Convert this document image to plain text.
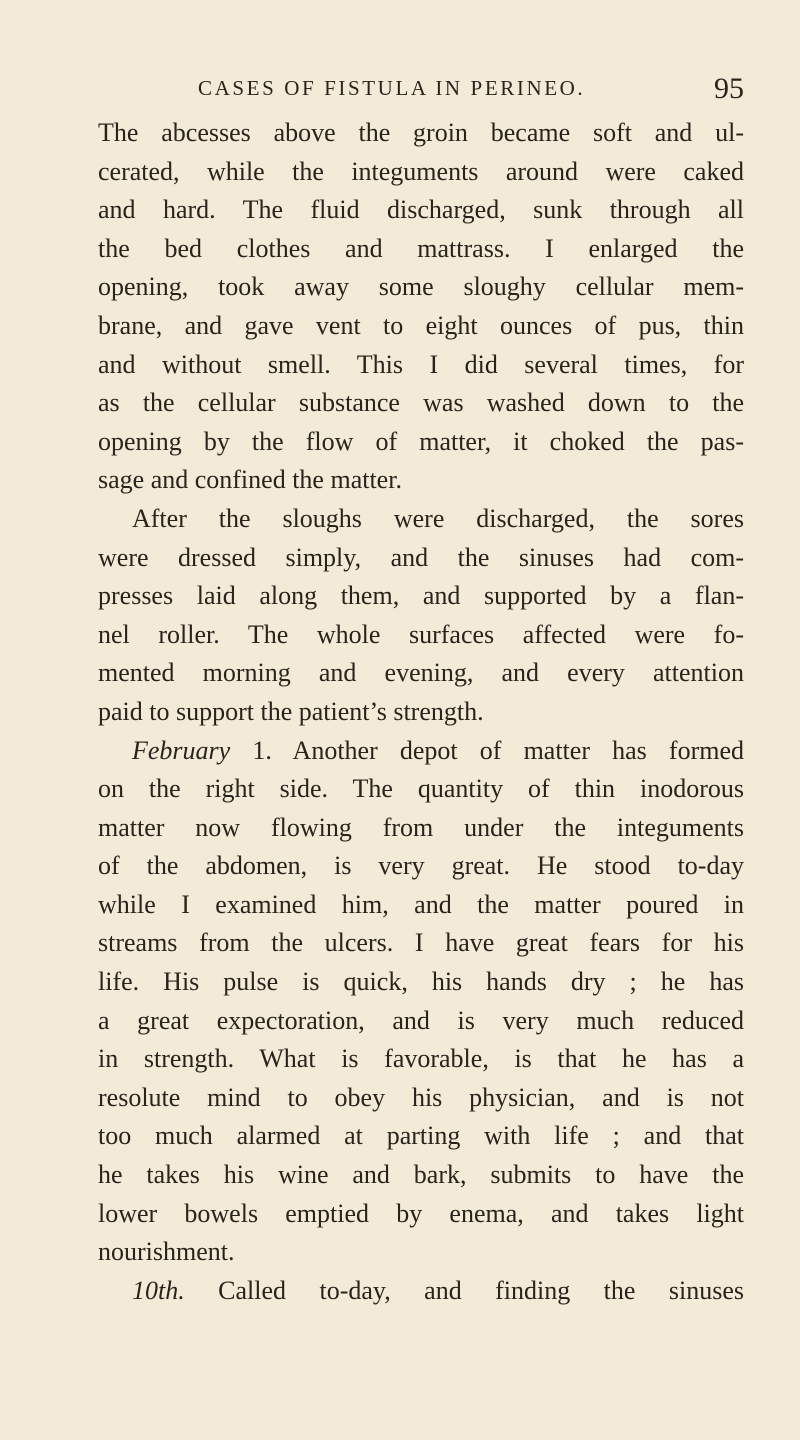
CASES OF FISTULA IN PERINEO.	95
The abcesses above the groin became soft and ul-
cerated, while the integuments around were caked
and hard. The fluid discharged, sunk through all
the bed clothes and mattrass. I enlarged the
opening, took away some sloughy cellular mem-
brane, and gave vent to eight ounces of pus, thin
and without smell. This I did several times, for
as the cellular substance was washed down to the
opening by the flow of matter, it choked the pas-
sage and confined the matter.
After the sloughs were discharged, the sores
were dressed simply, and the sinuses had com-
presses laid along them, and supported by a flan-
nel roller. The whole surfaces affected were fo-
mented morning and evening, and every attention
paid to support the patient’s strength.
February 1. Another depot of matter has formed
on the right side. The quantity of thin inodorous
matter now flowing from under the integuments
of the abdomen, is very great. He stood to-day
while I examined him, and the matter poured in
streams from the ulcers. I have great fears for his
life. His pulse is quick, his hands dry ; he has
a great expectoration, and is very much reduced
in strength. What is favorable, is that he has a
resolute mind to obey his physician, and is not
too much alarmed at parting with life ; and that
he takes his wine and bark, submits to have the
lower bowels emptied by enema, and takes light
nourishment.
10th. Called to-day, and finding the sinuses
